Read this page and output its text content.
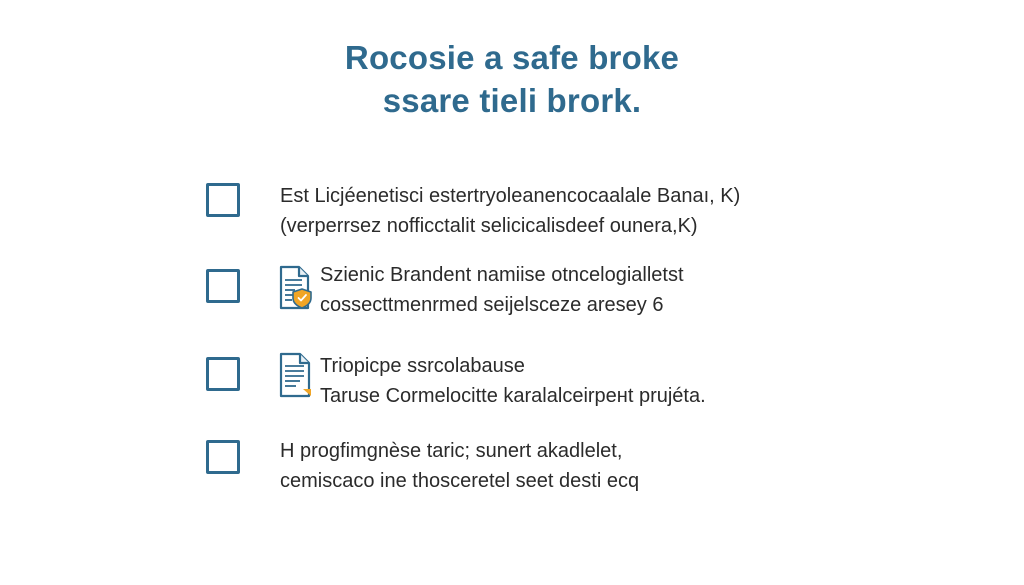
Rocosie a safe broke
ssare tieli brork.
Est Licjéenetisci estertryoleanencocaalale Banaı, K)
(verperrsez nofficctalit selicicalisdeef ounera,K)
Szienic Brandent namiise otncelogialletst
cossecttmenrmed seijelsceze aresey 6
Triopicpe ssrcolabause
Taruse Cormelocitte karalalceirpeнt prujéta.
H progfimgnèse taric; sunert akadlelet,
cemiscaco ine thosceretel seet desti ecq
